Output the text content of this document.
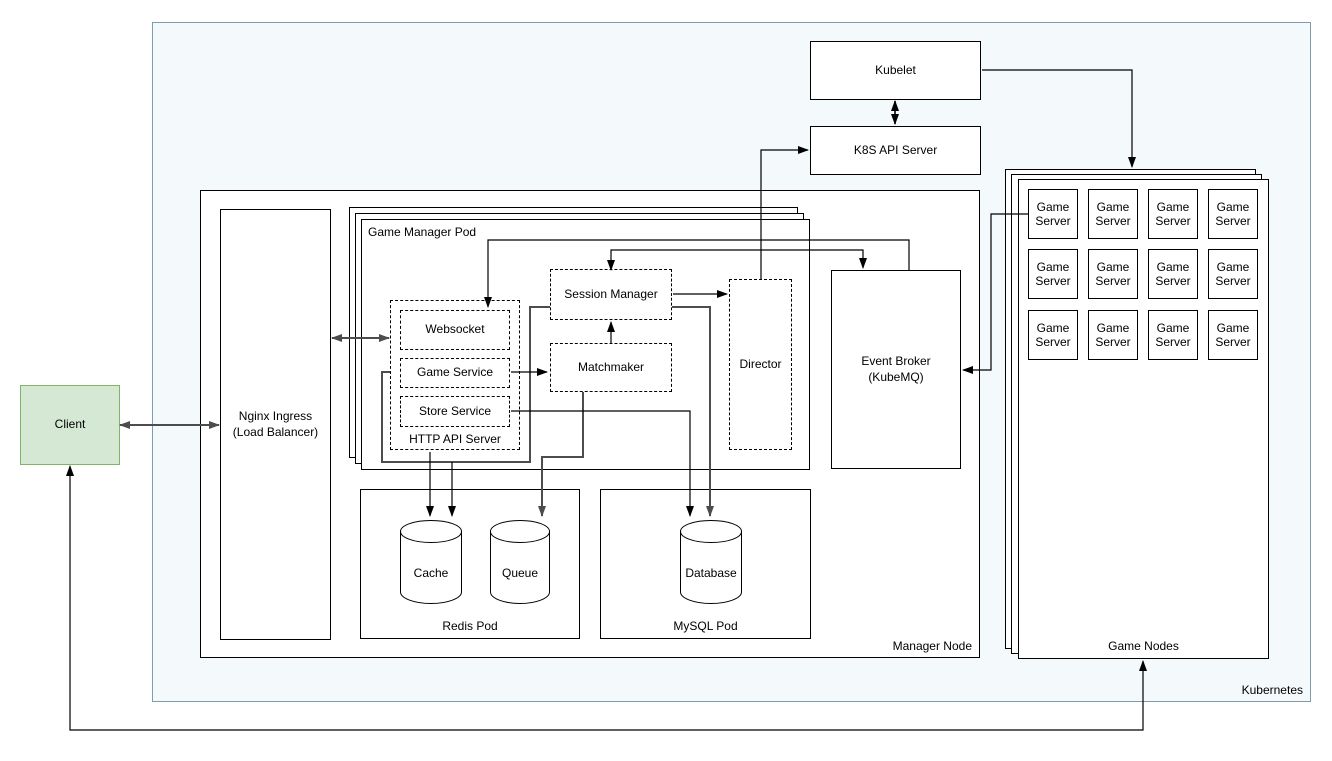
Kubernetes
Manager Node
Nginx Ingress
(Load Balancer)
Game Manager Pod
Redis Pod	MySQL Pod
Game Nodes
Game Server
Game Server
Game Server
Game Server
Game Server
Game Server
Game Server
Game Server
Game Server
Game Server
Game Server
Game Server
Kubelet
K8S API Server
Event Broker
(KubeMQ)
Session Manager
Matchmaker	Director
HTTP API Server
Websocket
Game Service
Store Service
Cache	Queue	Database
Client
